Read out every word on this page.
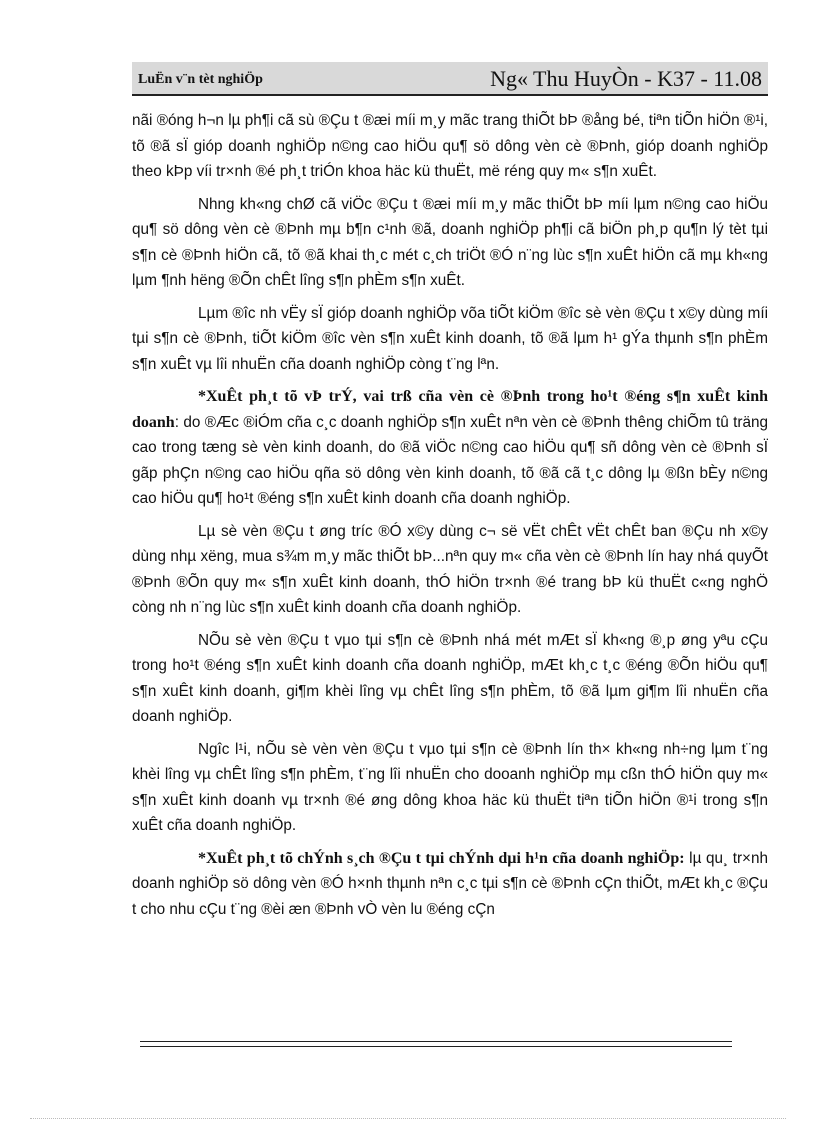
LuËn v¨n tèt nghiÖp	Ng« Thu HuyÒn - K37 - 11.08

nãi ®óng h¬n lµ ph¶i cã sù ®Çu t ®æi míi m¸y mãc trang thiÕt bÞ ®ång bé, tiªn tiÕn hiÖn ®¹i, tõ ®ã sÏ gióp doanh nghiÖp n©ng cao hiÖu qu¶ sö dông vèn cè ®Þnh, gióp doanh nghiÖp theo kÞp víi tr×nh ®é ph¸t triÓn khoa häc kü thuËt, më réng quy m« s¶n xuÊt.

Nhng kh«ng chØ cã viÖc ®Çu t ®æi míi m¸y mãc thiÕt bÞ míi lµm n©ng cao hiÖu qu¶ sö dông vèn cè ®Þnh mµ b¶n c¹nh ®ã, doanh nghiÖp ph¶i cã biÖn ph¸p qu¶n lý tèt tµi s¶n cè ®Þnh hiÖn cã, tõ ®ã khai th¸c mét c¸ch triÖt ®Ó n¨ng lùc s¶n xuÊt hiÖn cã mµ kh«ng lµm ¶nh hëng ®Õn chÊt lîng s¶n phÈm s¶n xuÊt.

Lµm ®îc nh vËy sÏ gióp doanh nghiÖp võa tiÕt kiÖm ®îc sè vèn ®Çu t x©y dùng míi tµi s¶n cè ®Þnh, tiÕt kiÖm ®îc vèn s¶n xuÊt kinh doanh, tõ ®ã lµm h¹ gÝa thµnh s¶n phÈm s¶n xuÊt vµ lîi nhuËn cña doanh nghiÖp còng t¨ng lªn.

*XuÊt ph¸t tõ vÞ trÝ, vai trß cña vèn cè ®Þnh trong ho¹t ®éng s¶n xuÊt kinh doanh: do ®Æc ®iÓm cña c¸c doanh nghiÖp s¶n xuÊt nªn vèn cè ®Þnh thêng chiÕm tû träng cao trong tæng sè vèn kinh doanh, do ®ã viÖc n©ng cao hiÖu qu¶ sñ dông vèn cè ®Þnh sÏ gãp phÇn n©ng cao hiÖu qña sö dông vèn kinh doanh, tõ ®ã cã t¸c dông lµ ®ßn bÈy n©ng cao hiÖu qu¶ ho¹t ®éng s¶n xuÊt kinh doanh cña doanh nghiÖp.

Lµ sè vèn ®Çu t øng tríc ®Ó x©y dùng c¬ së vËt chÊt vËt chÊt ban ®Çu nh x©y dùng nhµ xëng, mua s¾m m¸y mãc thiÕt bÞ...nªn quy m« cña vèn cè ®Þnh lín hay nhá quyÕt ®Þnh ®Õn quy m« s¶n xuÊt kinh doanh, thÓ hiÖn tr×nh ®é trang bÞ kü thuËt c«ng nghÖ còng nh n¨ng lùc s¶n xuÊt kinh doanh cña doanh nghiÖp.

NÕu sè vèn ®Çu t vµo tµi s¶n cè ®Þnh nhá mét mÆt sÏ kh«ng ®¸p øng yªu cÇu trong ho¹t ®éng s¶n xuÊt kinh doanh cña doanh nghiÖp, mÆt kh¸c t¸c ®éng ®Õn hiÖu qu¶ s¶n xuÊt kinh doanh, gi¶m khèi lîng vµ chÊt lîng s¶n phÈm, tõ ®ã lµm gi¶m lîi nhuËn cña doanh nghiÖp.

Ngîc l¹i, nÕu sè vèn vèn ®Çu t vµo tµi s¶n cè ®Þnh lín th× kh«ng nh÷ng lµm t¨ng khèi lîng vµ chÊt lîng s¶n phÈm, t¨ng lîi nhuËn cho dooanh nghiÖp mµ cßn thÓ hiÖn quy m« s¶n xuÊt kinh doanh vµ tr×nh ®é øng dông khoa häc kü thuËt tiªn tiÕn hiÖn ®¹i trong s¶n xuÊt cña doanh nghiÖp.

*XuÊt ph¸t tõ chÝnh s¸ch ®Çu t tµi chÝnh dµi h¹n cña doanh nghiÖp: lµ qu¸ tr×nh doanh nghiÖp sö dông vèn ®Ó h×nh thµnh nªn c¸c tµi s¶n cè ®Þnh cÇn thiÕt, mÆt kh¸c ®Çu t cho nhu cÇu t¨ng ®èi æn ®Þnh vÒ vèn lu ®éng cÇn
